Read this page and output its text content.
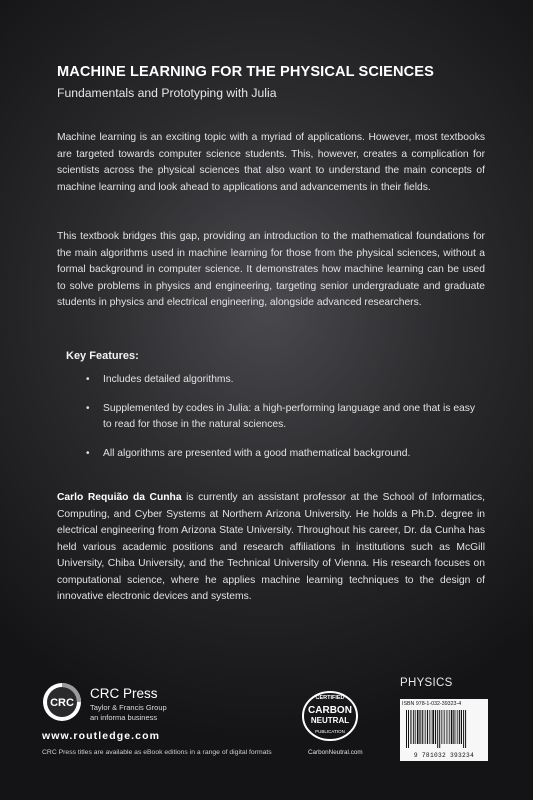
MACHINE LEARNING FOR THE PHYSICAL SCIENCES
Fundamentals and Prototyping with Julia
Machine learning is an exciting topic with a myriad of applications. However, most textbooks are targeted towards computer science students. This, however, creates a complication for scientists across the physical sciences that also want to understand the main concepts of machine learning and look ahead to applications and advancements in their fields.
This textbook bridges this gap, providing an introduction to the mathematical foundations for the main algorithms used in machine learning for those from the physical sciences, without a formal background in computer science. It demonstrates how machine learning can be used to solve problems in physics and engineering, targeting senior undergraduate and graduate students in physics and electrical engineering, alongside advanced researchers.
Key Features:
• Includes detailed algorithms.
• Supplemented by codes in Julia: a high-performing language and one that is easy to read for those in the natural sciences.
• All algorithms are presented with a good mathematical background.
Carlo Requião da Cunha is currently an assistant professor at the School of Informatics, Computing, and Cyber Systems at Northern Arizona University. He holds a Ph.D. degree in electrical engineering from Arizona State University. Throughout his career, Dr. da Cunha has held various academic positions and research affiliations in institutions such as McGill University, Chiba University, and the Technical University of Vienna. His research focuses on computational science, where he applies machine learning techniques to the design of innovative electronic devices and systems.
PHYSICS
CRC
CRC Press
Taylor & Francis Group
an informa business
www.routledge.com
CRC Press titles are available as eBook editions in a range of digital formats
CERTIFIED
CARBON
NEUTRAL
PUBLICATION
CarbonNeutral.com
ISBN 978-1-032-39323-4
9 781032 393234
